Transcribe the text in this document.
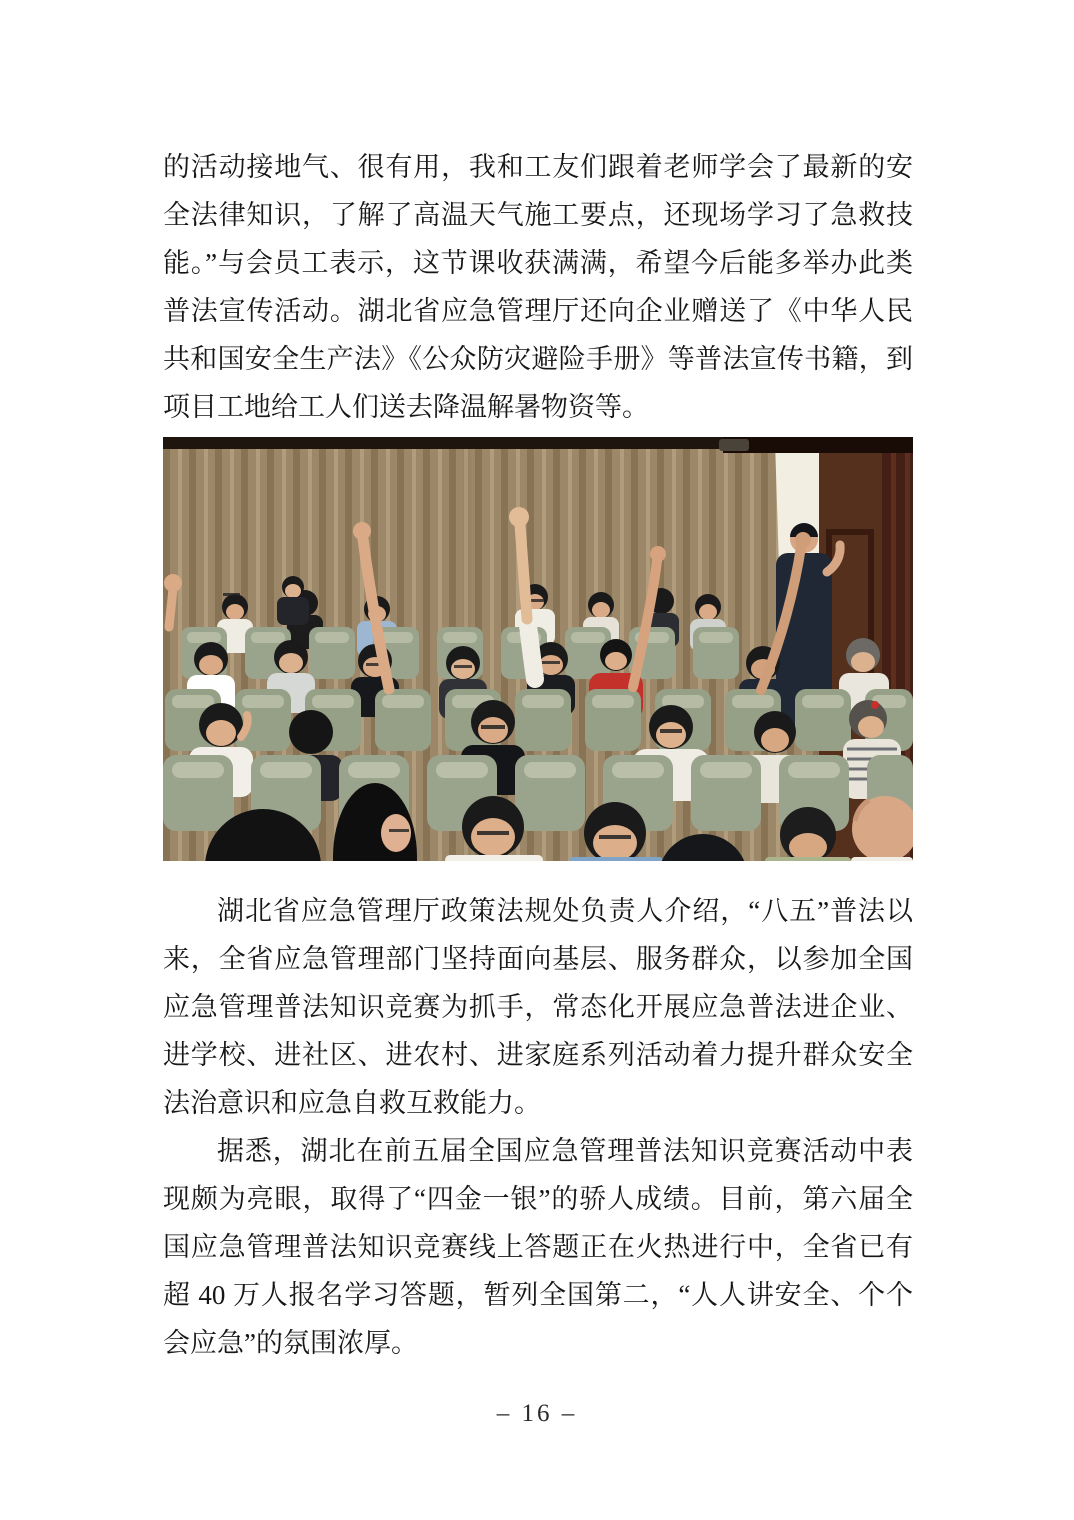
的活动接地气、很有用，我和工友们跟着老师学会了最新的安全法律知识，了解了高温天气施工要点，还现场学习了急救技能。”与会员工表示，这节课收获满满，希望今后能多举办此类普法宣传活动。湖北省应急管理厅还向企业赠送了《中华人民共和国安全生产法》《公众防灾避险手册》等普法宣传书籍，到项目工地给工人们送去降温解暑物资等。

湖北省应急管理厅政策法规处负责人介绍，“八五”普法以来，全省应急管理部门坚持面向基层、服务群众，以参加全国应急管理普法知识竞赛为抓手，常态化开展应急普法进企业、进学校、进社区、进农村、进家庭系列活动着力提升群众安全法治意识和应急自救互救能力。

据悉，湖北在前五届全国应急管理普法知识竞赛活动中表现颇为亮眼，取得了“四金一银”的骄人成绩。目前，第六届全国应急管理普法知识竞赛线上答题正在火热进行中，全省已有超 40 万人报名学习答题，暂列全国第二，“人人讲安全、个个会应急”的氛围浓厚。

– 16 –
